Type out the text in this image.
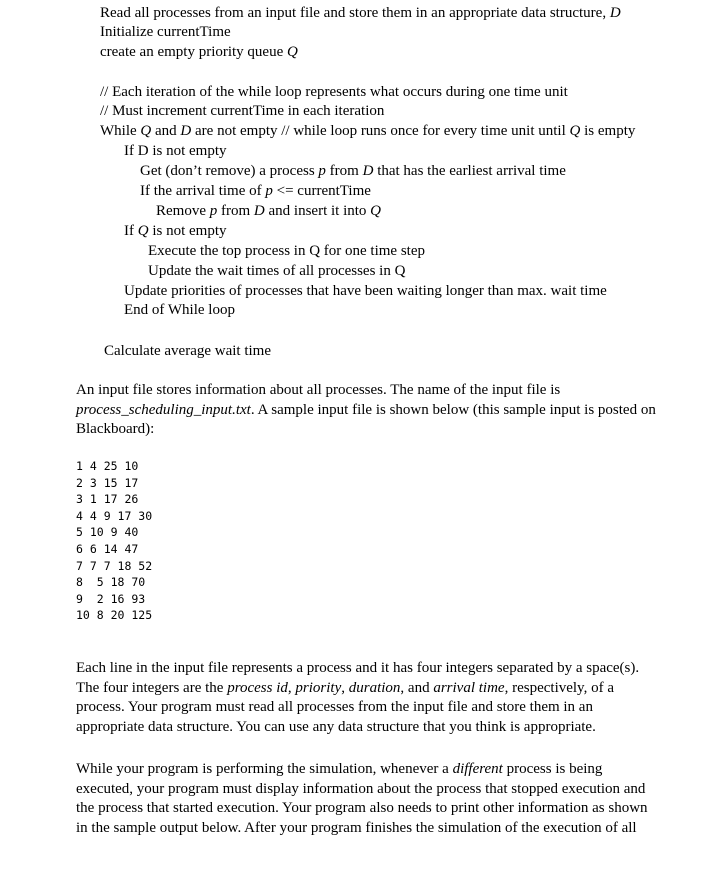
Read all processes from an input file and store them in an appropriate data structure, D
Initialize currentTime
create an empty priority queue Q
// Each iteration of the while loop represents what occurs during one time unit
// Must increment currentTime in each iteration
While Q and D are not empty // while loop runs once for every time unit until Q is empty
If D is not empty
Get (don’t remove) a process p from D that has the earliest arrival time
If the arrival time of p <= currentTime
Remove p from D and insert it into Q
If Q is not empty
Execute the top process in Q for one time step
Update the wait times of all processes in Q
Update priorities of processes that have been waiting longer than max. wait time
End of While loop
Calculate average wait time
An input file stores information about all processes. The name of the input file is
process_scheduling_input.txt. A sample input file is shown below (this sample input is posted on
Blackboard):
1 4 25 10
2 3 15 17
3 1 17 26
4 4 9 17 30
5 10 9 40
6 6 14 47
7 7 7 18 52
8  5 18 70
9  2 16 93
10 8 20 125
Each line in the input file represents a process and it has four integers separated by a space(s).
The four integers are the process id, priority, duration, and arrival time, respectively, of a
process. Your program must read all processes from the input file and store them in an
appropriate data structure. You can use any data structure that you think is appropriate.
While your program is performing the simulation, whenever a different process is being
executed, your program must display information about the process that stopped execution and
the process that started execution. Your program also needs to print other information as shown
in the sample output below. After your program finishes the simulation of the execution of all
